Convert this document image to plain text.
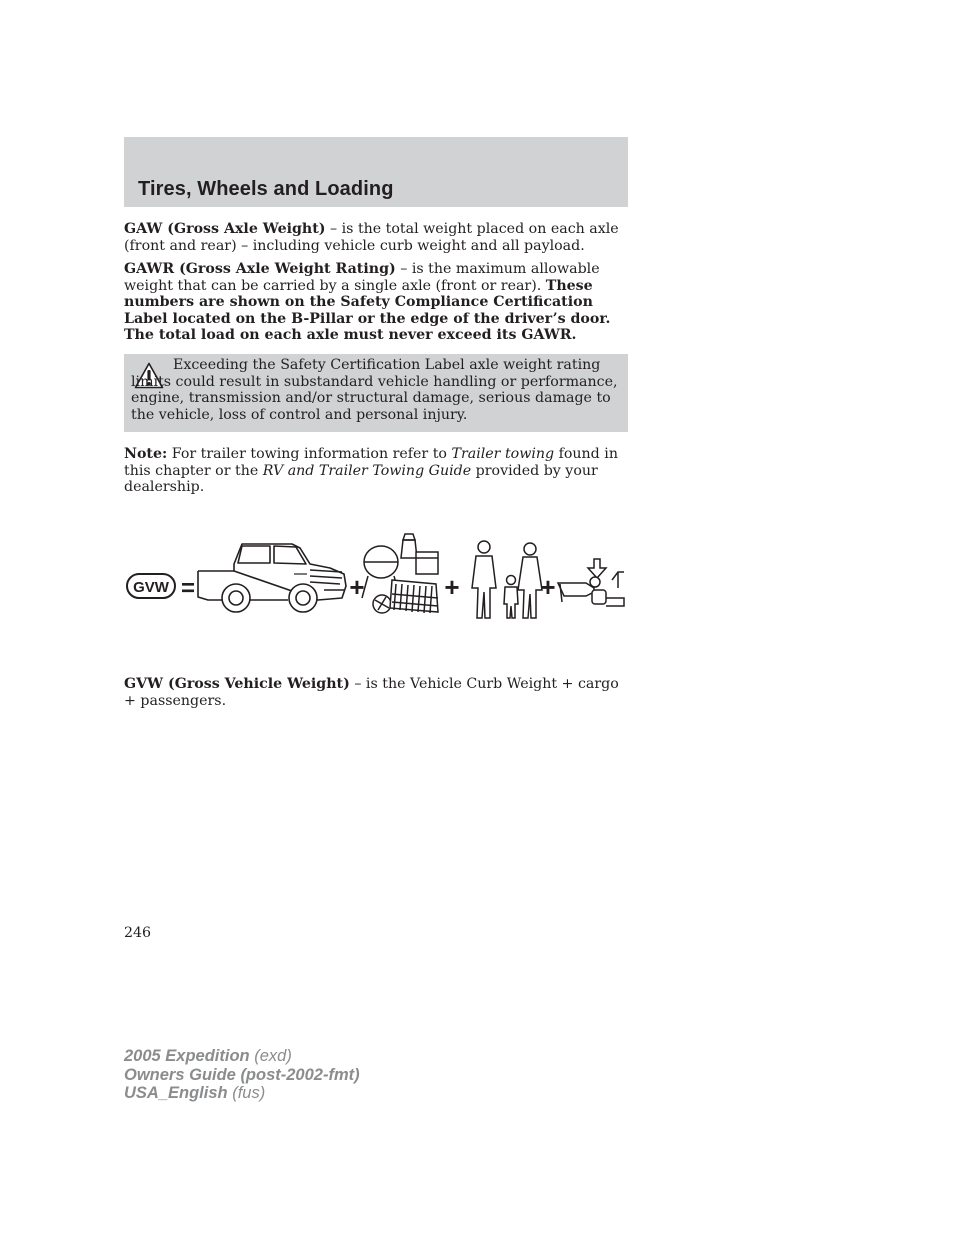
Tires, Wheels and Loading

GAW (Gross Axle Weight) – is the total weight placed on each axle (front and rear) – including vehicle curb weight and all payload.

GAWR (Gross Axle Weight Rating) – is the maximum allowable weight that can be carried by a single axle (front or rear). These numbers are shown on the Safety Compliance Certification Label located on the B-Pillar or the edge of the driver’s door. The total load on each axle must never exceed its GAWR.

Exceeding the Safety Certification Label axle weight rating limits could result in substandard vehicle handling or performance, engine, transmission and/or structural damage, serious damage to the vehicle, loss of control and personal injury.

Note: For trailer towing information refer to Trailer towing found in this chapter or the RV and Trailer Towing Guide provided by your dealership.

GVW =	+	+	+

GVW (Gross Vehicle Weight) – is the Vehicle Curb Weight + cargo + passengers.

246

2005 Expedition (exd)
Owners Guide (post-2002-fmt)
USA_English (fus)
